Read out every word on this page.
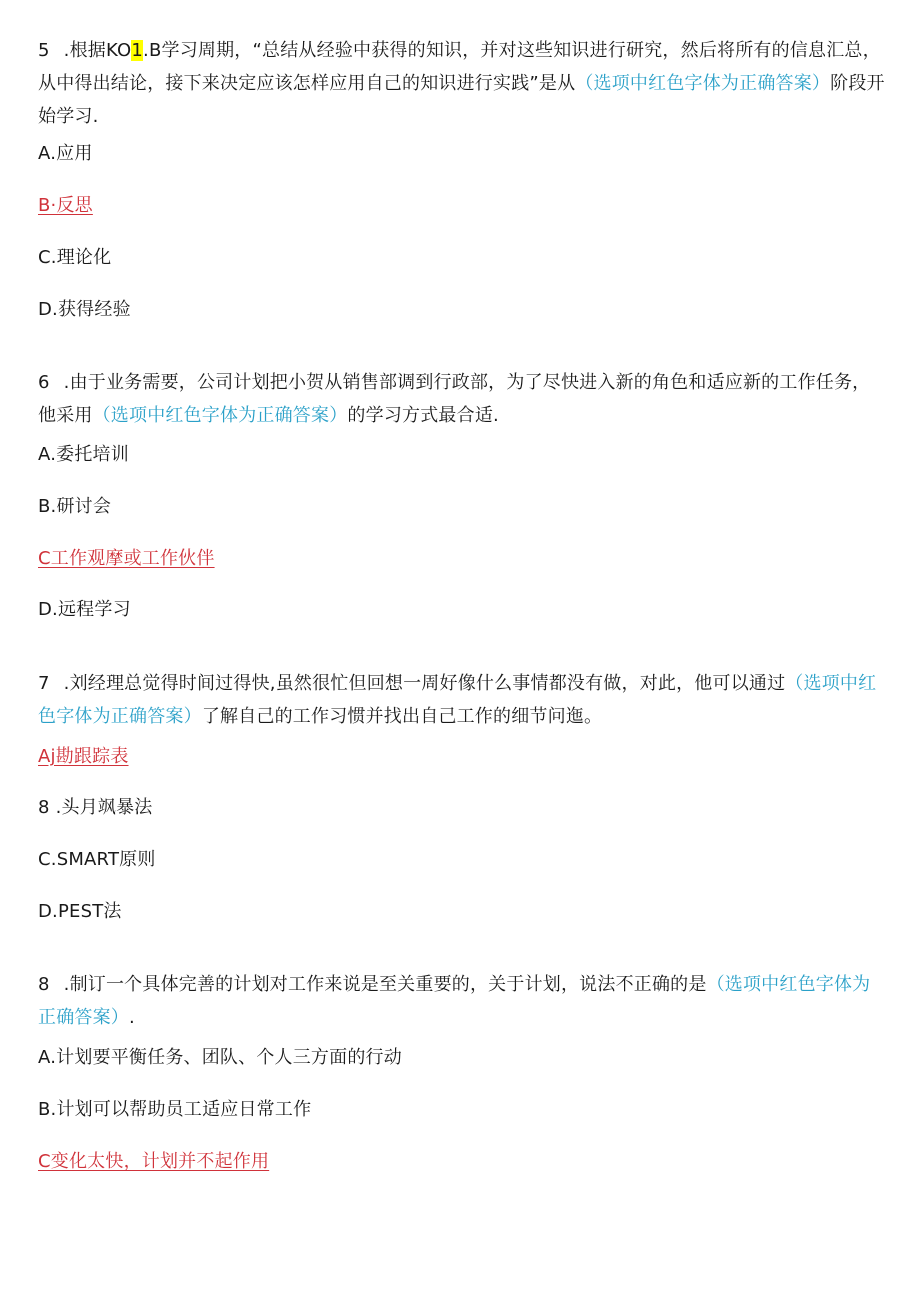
5 .根据KO1.B学习周期，“总结从经验中获得的知识，并对这些知识进行研究，然后将所有的信息汇总，从中得出结论，接下来决定应该怎样应用自己的知识进行实践”是从（选项中红色字体为正确答案）阶段开始学习.
A.应用
B·反思
C.理论化
D.获得经验
6 .由于业务需要，公司计划把小贺从销售部调到行政部，为了尽快进入新的角色和适应新的工作任务，他采用（选项中红色字体为正确答案）的学习方式最合适.
A.委托培训
B.研讨会
C工作观摩或工作伙伴
D.远程学习
7 .刘经理总觉得时间过得快,虽然很忙但回想一周好像什么事情都没有做，对此，他可以通过（选项中红色字体为正确答案）了解自己的工作习惯并找出自己工作的细节问迤。
Aj勘跟踪表
8 .头月飒暴法
C.SMART原则
D.PEST法
8 .制订一个具体完善的计划对工作来说是至关重要的，关于计划，说法不正确的是（选项中红色字体为正确答案）.
A.计划要平衡任务、团队、个人三方面的行动
B.计划可以帮助员工适应日常工作
C变化太快，计划并不起作用
